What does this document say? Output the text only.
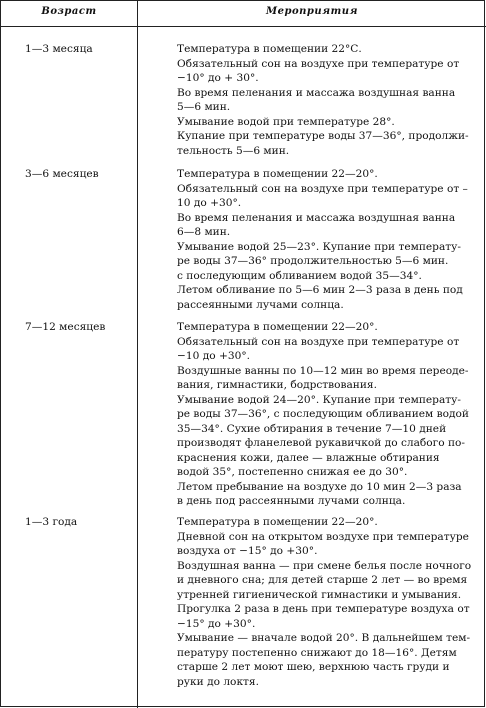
Возраст	Мероприятия
1—3 месяца	Температура в помещении 22°С.

Обязательный сон на воздухе при температуре от

−10° до + 30°.

Во время пеленания и массажа воздушная ванна

5—6 мин.

Умывание водой при температуре 28°.

Купание при температуре воды 37—36°, продолжи-

тельность 5—6 мин.

3—6 месяцев	Температура в помещении 22—20°.

Обязательный сон на воздухе при температуре от –

10 до +30°.

Во время пеленания и массажа воздушная ванна

6—8 мин.

Умывание водой 25—23°. Купание при температу-

ре воды 37—36° продолжительностью 5—6 мин.

с последующим обливанием водой 35—34°.

Летом обливание по 5—6 мин 2—3 раза в день под

рассеянными лучами солнца.

7—12 месяцев	Температура в помещении 22—20°.

Обязательный сон на воздухе при температуре от

−10 до +30°.

Воздушные ванны по 10—12 мин во время переоде-

вания, гимнастики, бодрствования.

Умывание водой 24—20°. Купание при температу-

ре воды 37—36°, с последующим обливанием водой

35—34°. Сухие обтирания в течение 7—10 дней

производят фланелевой рукавичкой до слабого по-

краснения кожи, далее — влажные обтирания

водой 35°, постепенно снижая ее до 30°.

Летом пребывание на воздухе до 10 мин 2—3 раза

в день под рассеянными лучами солнца.

1—3 года	Температура в помещении 22—20°.

Дневной сон на открытом воздухе при температуре

воздуха от −15° до +30°.

Воздушная ванна — при смене белья после ночного

и дневного сна; для детей старше 2 лет — во время

утренней гигиенической гимнастики и умывания.

Прогулка 2 раза в день при температуре воздуха от

−15° до +30°.

Умывание — вначале водой 20°. В дальнейшем тем-

пературу постепенно снижают до 18—16°. Детям

старше 2 лет моют шею, верхнюю часть груди и

руки до локтя.
